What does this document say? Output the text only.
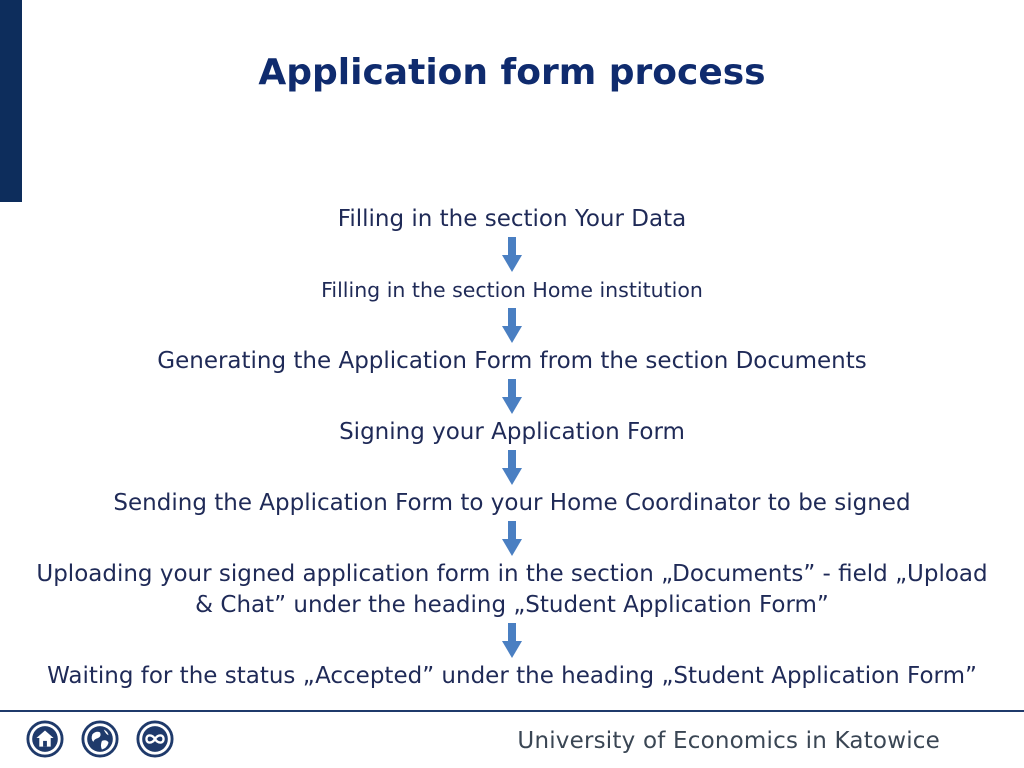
Application form process

Filling in the section Your Data

Filling in the section Home institution

Generating the Application Form from the section Documents

Signing your Application Form

Sending the Application Form to your Home Coordinator to be signed

Uploading your signed application form in the section „Documents” - field „Upload & Chat” under the heading „Student Application Form”

Waiting for the status „Accepted” under the heading „Student Application Form”

University of Economics in Katowice
